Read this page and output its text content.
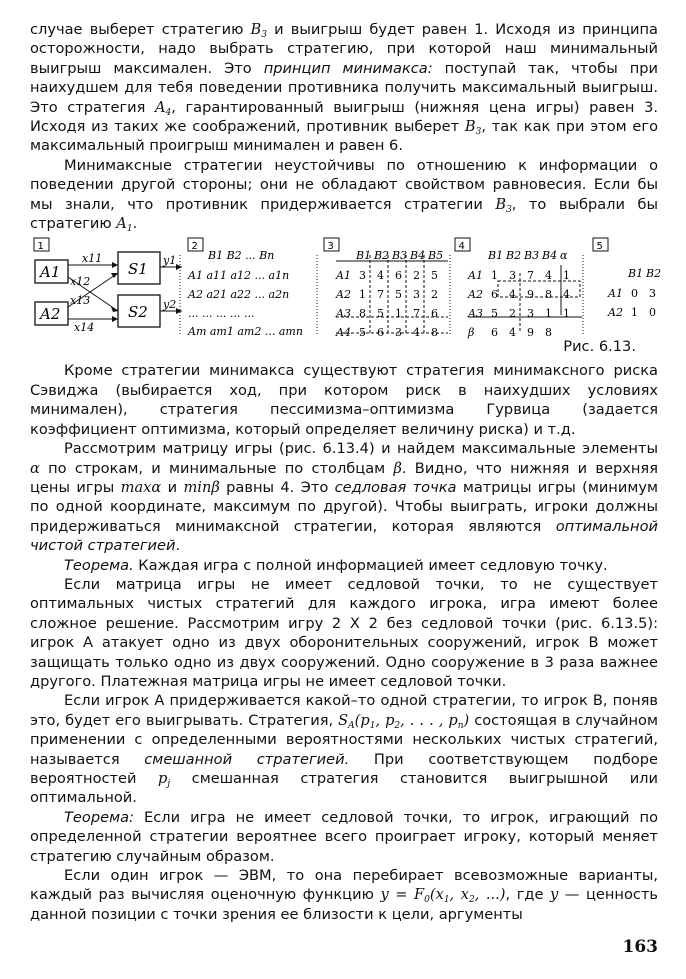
случае выберет стратегию $B_3$ и выигрыш будет равен 1. Исходя из принципа осторожности, надо выбрать стратегию, при которой наш минимальный выигрыш максимален. Это принцип минимакса: поступай так, чтобы при наихудшем для тебя поведении противника получить максимальный выигрыш. Это стратегия $A_4$, гарантированный выигрыш (нижняя цена игры) равен 3. Исходя из таких же соображений, противник выберет $B_3$, так как при этом его максимальный проигрыш минимален и равен 6.

Минимаксные стратегии неустойчивы по отношению к информации о поведении другой стороны; они не обладают свойством равновесия. Если бы мы знали, что противник придерживается стратегии $B_3$, то выбрали бы стратегию $A_1$.

1	2	3	4	5
A1
A2
S1
S2
x11
x12
x13
x14
y1
y2
B1 B2 ... Bn
A1 a11 a12 ... a1n
A2 a21 a22 ... a2n
... ... ... ... ...
Am am1 am2 ... amn
B1 B2 B3 B4 B5
A1 3 4 6 2 5
A2 1 7 5 3 2
A3 8 5 1 7 6
A4 5 6 3 4 8
B1 B2 B3 B4 α
A1 1 3 7 4 1
A2 6 4 9 8 4
A3 5 2 3 1 1
β 6 4 9 8
B1 B2
A1 0 3
A2 1 0
Рис. 6.13.

Кроме стратегии минимакса существуют стратегия минимаксного риска Сэвиджа (выбирается ход, при котором риск в наихудших условиях минимален), стратегия пессимизма–оптимизма Гурвица (задается коэффициент оптимизма, который определяет величину риска) и т.д.

Рассмотрим матрицу игры (рис. 6.13.4) и найдем максимальные элементы α по строкам, и минимальные по столбцам β. Видно, что нижняя и верхняя цены игры maxα и minβ равны 4. Это седловая точка матрицы игры (минимум по одной координате, максимум по другой). Чтобы выиграть, игроки должны придерживаться минимаксной стратегии, которая являются оптимальной чистой стратегией.

Теорема. Каждая игра с полной информацией имеет седловую точку.

Если матрица игры не имеет седловой точки, то не существует оптимальных чистых стратегий для каждого игрока, игра имеют более сложное решение. Рассмотрим игру 2 X 2 без седловой точки (рис. 6.13.5): игрок A атакует одно из двух оборонительных сооружений, игрок B может защищать только одно из двух сооружений. Одно сооружение в 3 раза важнее другого. Платежная матрица игры не имеет седловой точки.

Если игрок A придерживается какой–то одной стратегии, то игрок B, поняв это, будет его выигрывать. Стратегия, $S_A(p_1$, $p_2$, . . . , $p_n$) состоящая в случайном применении с определенными вероятностями нескольких чистых стратегий, называется смешанной стратегией. При соответствующем подборе вероятностей $p_j$ смешанная стратегия становится выигрышной или оптимальной.

Теорема: Если игра не имеет седловой точки, то игрок, играющий по определенной стратегии вероятнее всего проиграет игроку, который меняет стратегию случайным образом.

Если один игрок — ЭВМ, то она перебирает всевозможные варианты, каждый раз вычисляя оценочную функцию $y = F_0(x_1$, $x_2$, ...), где y — ценность данной позиции с точки зрения ее близости к цели, аргументы

163
